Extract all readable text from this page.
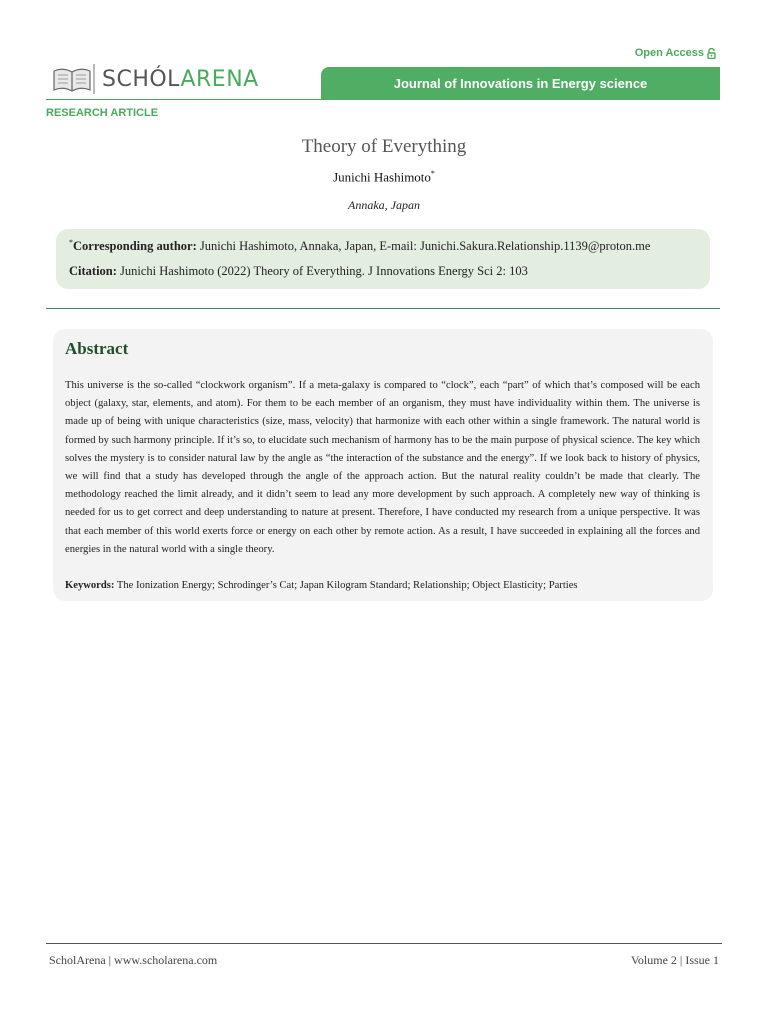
Open Access
SCHÓLARENA	Journal of Innovations in Energy science
RESEARCH ARTICLE
Theory of Everything
Junichi Hashimoto*
Annaka, Japan
*Corresponding author: Junichi Hashimoto, Annaka, Japan, E-mail: Junichi.Sakura.Relationship.1139@proton.me
Citation: Junichi Hashimoto (2022) Theory of Everything. J Innovations Energy Sci 2: 103
Abstract
This universe is the so-called “clockwork organism”. If a meta-galaxy is compared to “clock”, each “part” of which that’s composed will be each object (galaxy, star, elements, and atom). For them to be each member of an organism, they must have individuality within them. The universe is made up of being with unique characteristics (size, mass, velocity) that harmonize with each other within a single framework. The natural world is formed by such harmony principle. If it’s so, to elucidate such mechanism of harmony has to be the main purpose of physical science. The key which solves the mystery is to consider natural law by the angle as “the interaction of the substance and the energy”. If we look back to history of physics, we will find that a study has developed through the angle of the approach action. But the natural reality couldn’t be made that clearly. The methodology reached the limit already, and it didn’t seem to lead any more development by such approach. A completely new way of thinking is needed for us to get correct and deep understanding to nature at present. Therefore, I have conducted my research from a unique perspective. It was that each member of this world exerts force or energy on each other by remote action. As a result, I have succeeded in explaining all the forces and energies in the natural world with a single theory.
Keywords: The Ionization Energy; Schrodinger’s Cat; Japan Kilogram Standard; Relationship; Object Elasticity; Parties
ScholArena | www.scholarena.com	Volume 2 | Issue 1
